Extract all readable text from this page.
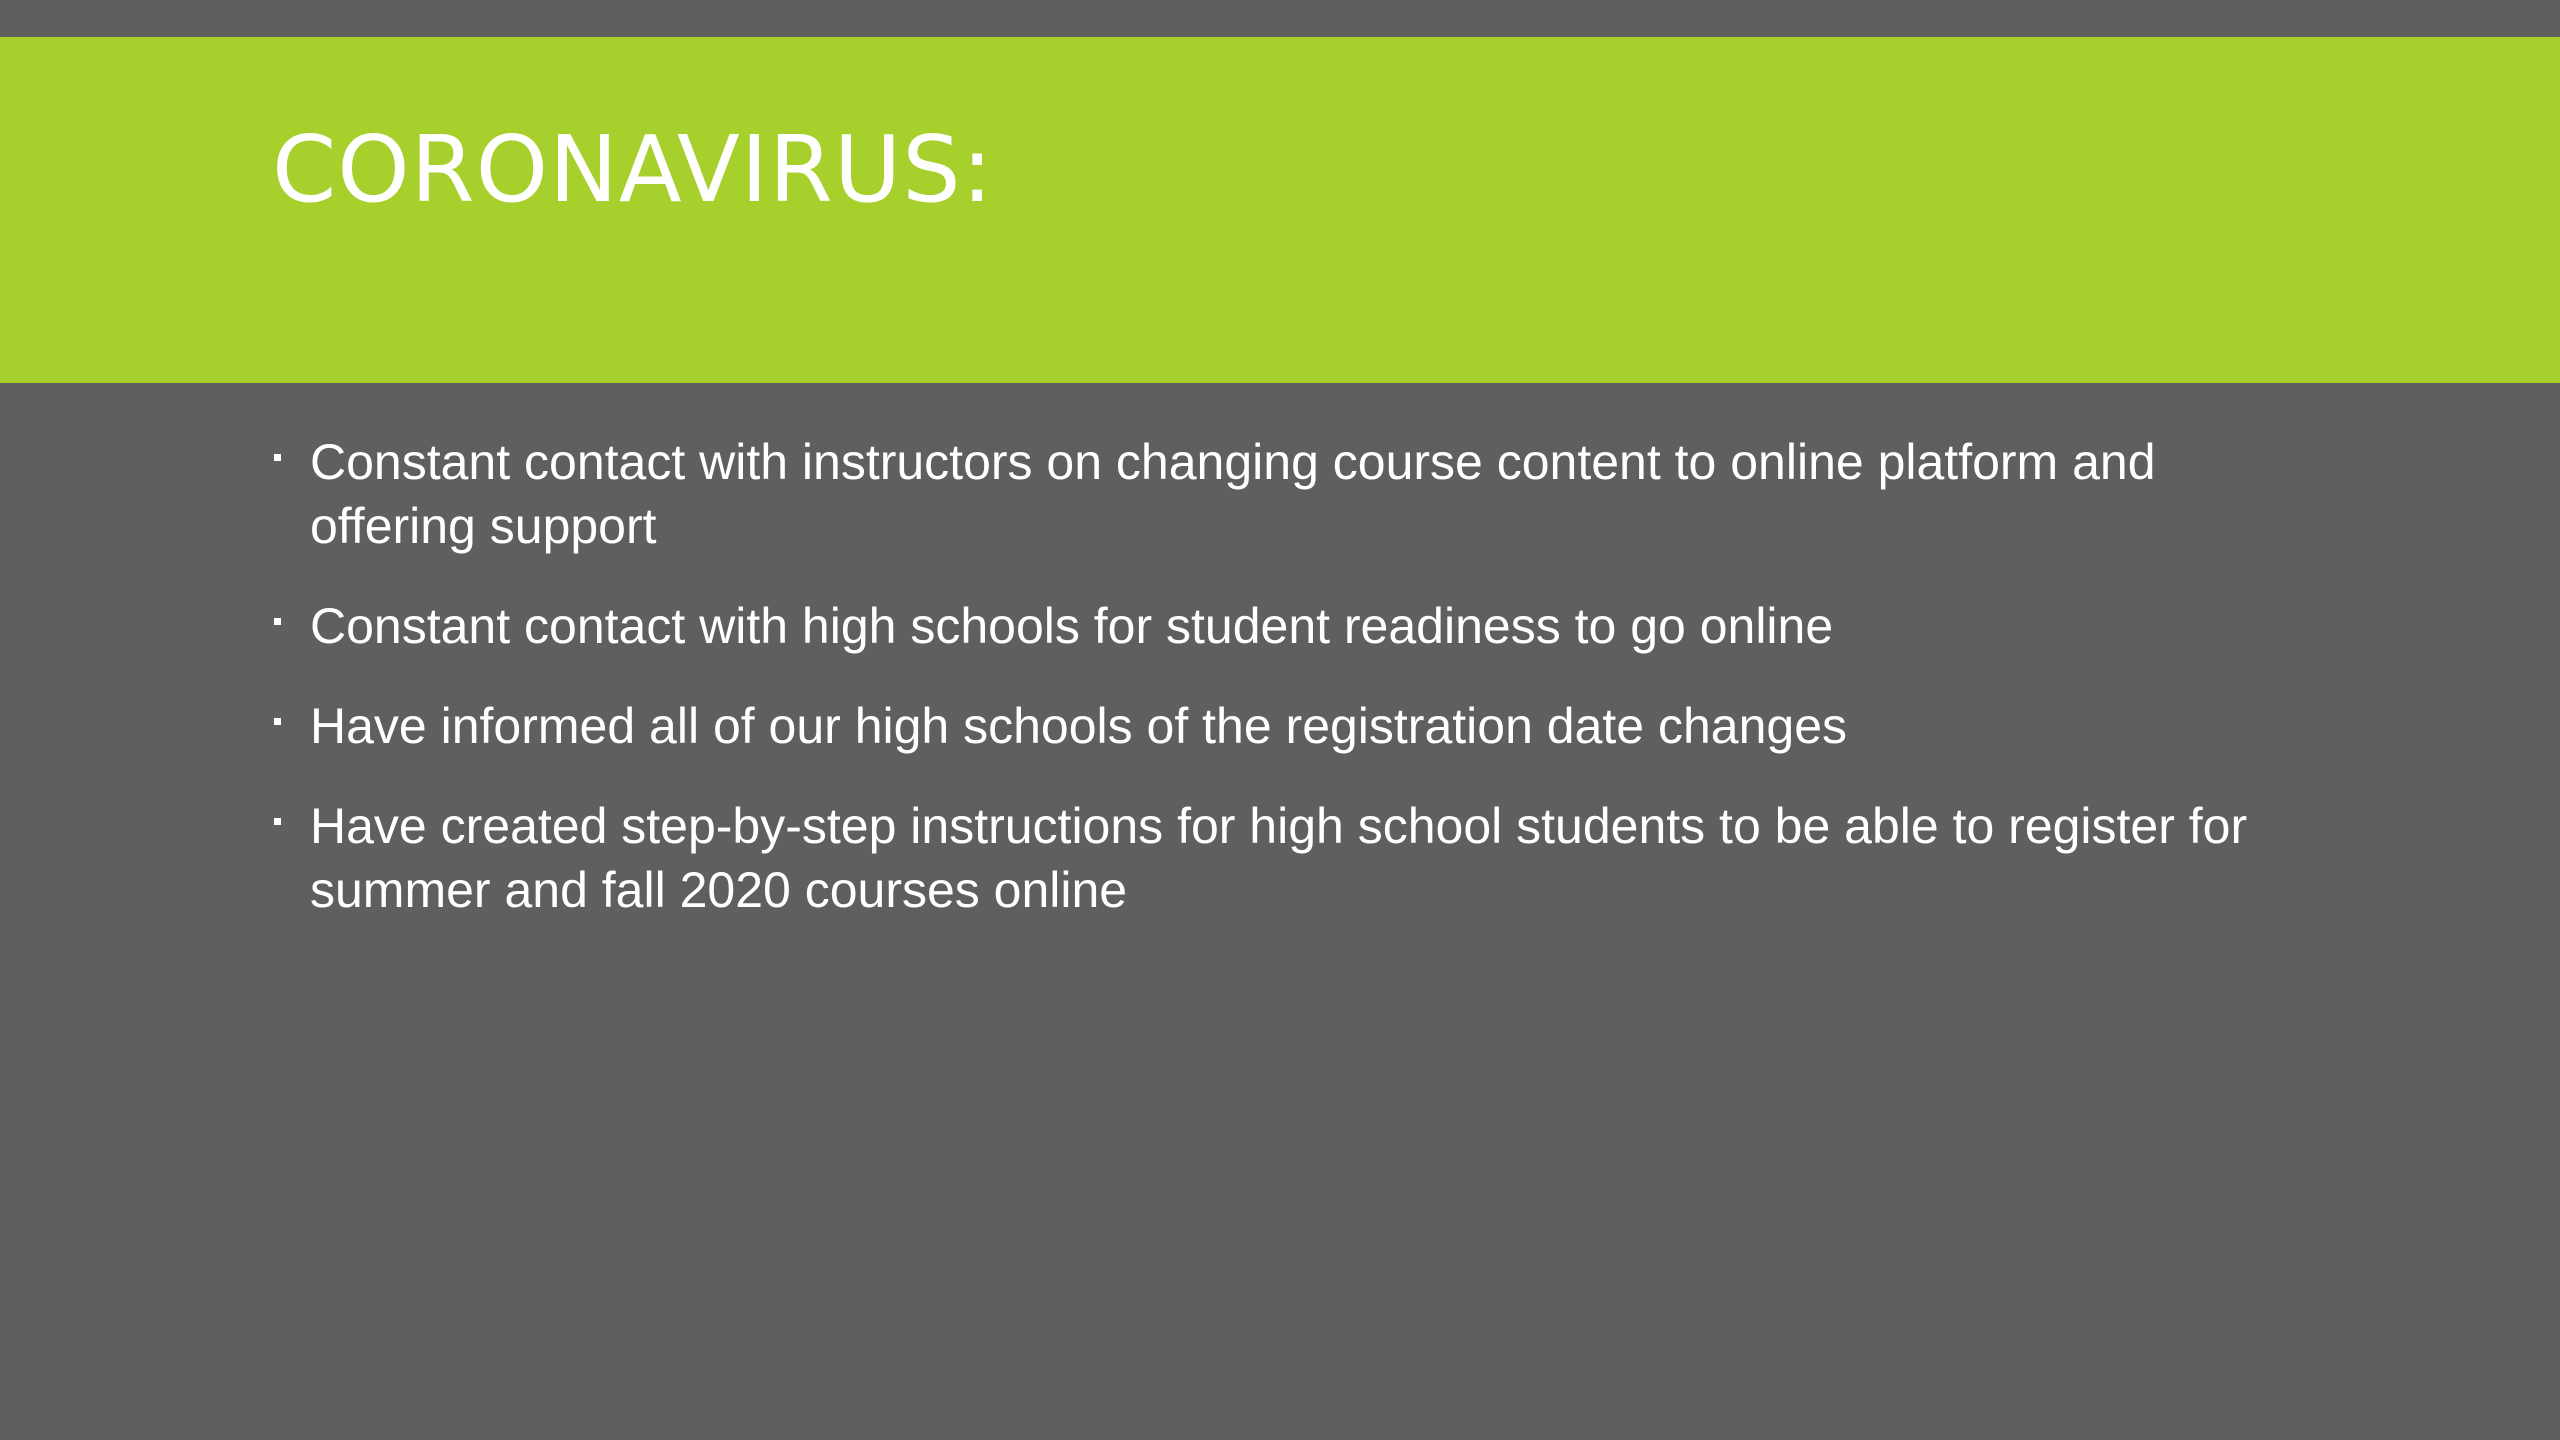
CORONAVIRUS:
Constant contact with instructors on changing course content to online platform and offering support
Constant contact with high schools for student readiness to go online
Have informed all of our high schools of the registration date changes
Have created step-by-step instructions for high school students to be able to register for summer and fall 2020 courses online
